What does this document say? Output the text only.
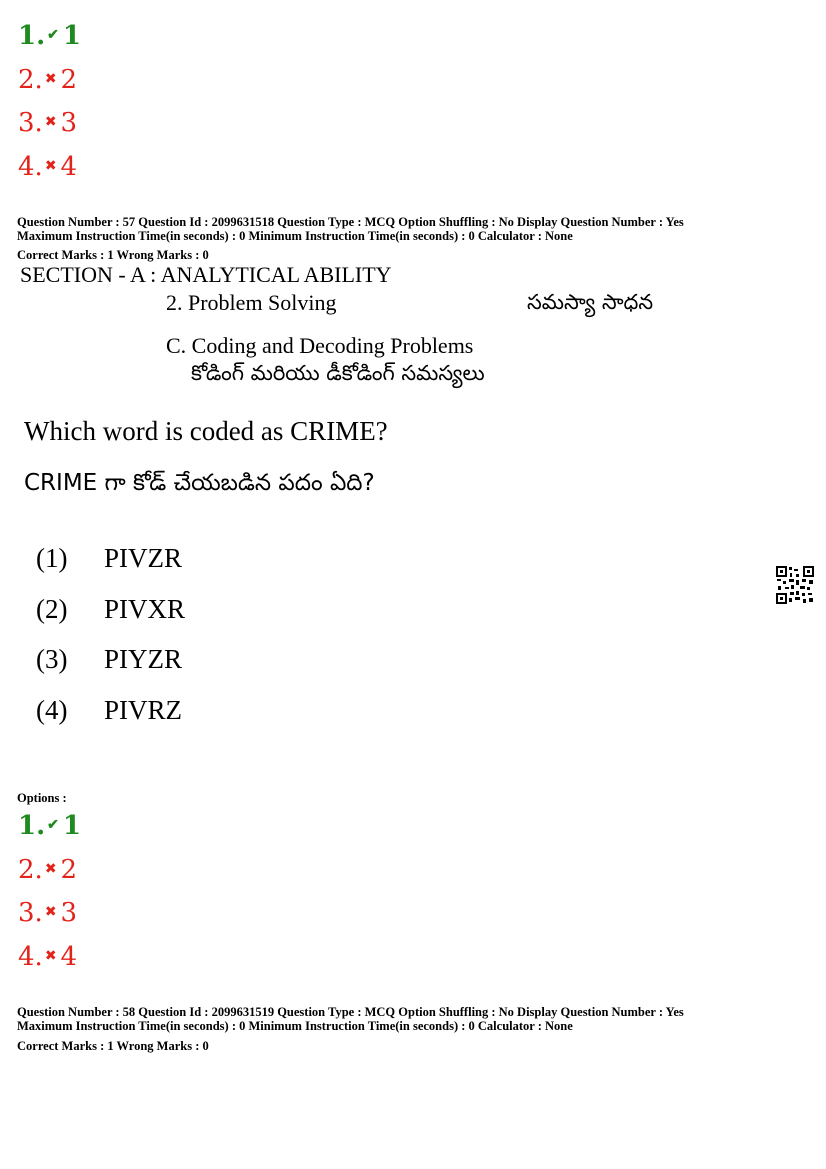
1. ✔ 1
2. ✖ 2
3. ✖ 3
4. ✖ 4
Question Number : 57 Question Id : 2099631518 Question Type : MCQ Option Shuffling : No Display Question Number : Yes
Maximum Instruction Time(in seconds) : 0 Minimum Instruction Time(in seconds) : 0 Calculator : None
Correct Marks : 1 Wrong Marks : 0
SECTION - A : ANALYTICAL ABILITY
2. Problem Solving	సమస్యా సాధన
C. Coding and Decoding Problems
కోడింగ్ మరియు డీకోడింగ్ సమస్యలు
Which word is coded as CRIME?
CRIME గా కోడ్ చేయబడిన పదం ఏది?
(1) PIVZR
(2) PIVXR
(3) PIYZR
(4) PIVRZ
Options :
1. ✔ 1
2. ✖ 2
3. ✖ 3
4. ✖ 4
Question Number : 58 Question Id : 2099631519 Question Type : MCQ Option Shuffling : No Display Question Number : Yes
Maximum Instruction Time(in seconds) : 0 Minimum Instruction Time(in seconds) : 0 Calculator : None
Correct Marks : 1 Wrong Marks : 0
